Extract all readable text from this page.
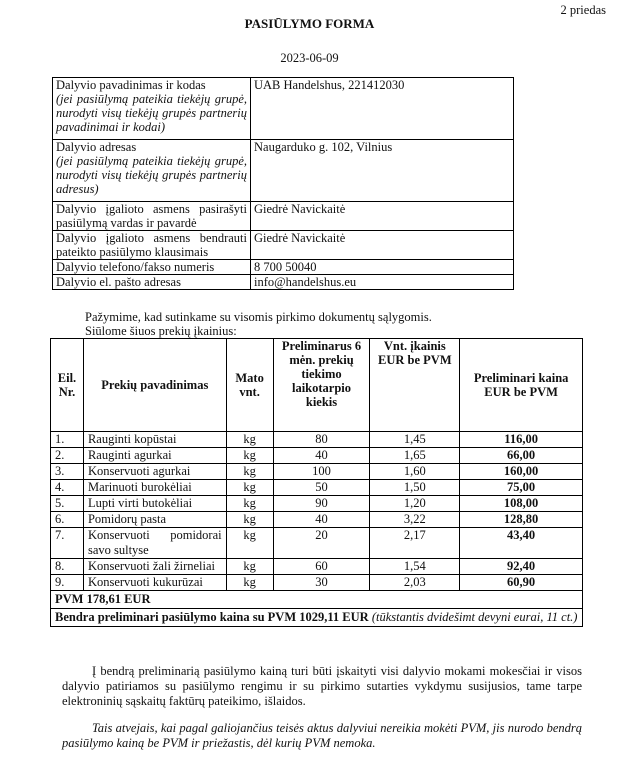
2 priedas
PASIŪLYMO FORMA
2023-06-09
Dalyvio pavadinimas ir kodas
(jei pasiūlymą pateikia tiekėjų grupė, nurodyti visų tiekėjų grupės partnerių pavadinimai ir kodai)	UAB Handelshus, 221412030

Dalyvio adresas
(jei pasiūlymą pateikia tiekėjų grupė, nurodyti visų tiekėjų grupės partnerių adresus)	Naugarduko g. 102, Vilnius
Dalyvio įgalioto asmens pasirašyti pasiūlymą vardas ir pavardė	Giedrė Navickaitė
Dalyvio įgalioto asmens bendrauti pateikto pasiūlymo klausimais	Giedrė Navickaitė
Dalyvio telefono/fakso numeris	8 700 50040
Dalyvio el. pašto adresas	info@handelshus.eu
Pažymime, kad sutinkame su visomis pirkimo dokumentų sąlygomis.
Siūlome šiuos prekių įkainius:
Eil. Nr.	Prekių pavadinimas	Mato vnt.	Preliminarus 6 mėn. prekių tiekimo laikotarpio kiekis	Vnt. įkainis EUR be PVM	Preliminari kaina EUR be PVM
1.	Rauginti kopūstai	kg	80	1,45	116,00
2.	Rauginti agurkai	kg	40	1,65	66,00
3.	Konservuoti agurkai	kg	100	1,60	160,00
4.	Marinuoti burokėliai	kg	50	1,50	75,00
5.	Lupti virti butokėliai	kg	90	1,20	108,00
6.	Pomidorų pasta	kg	40	3,22	128,80
7.	Konservuoti pomidorai savo sultyse	kg	20	2,17	43,40
8.	Konservuoti žali žirneliai	kg	60	1,54	92,40
9.	Konservuoti kukurūzai	kg	30	2,03	60,90
PVM 178,61 EUR					
Bendra preliminari pasiūlymo kaina su PVM 1029,11 EUR (tūkstantis dvidešimt devyni eurai, 11 ct.)					
Į bendrą preliminarią pasiūlymo kainą turi būti įskaityti visi dalyvio mokami mokesčiai ir visos dalyvio patiriamos su pasiūlymo rengimu ir su pirkimo sutarties vykdymu susijusios, tame tarpe elektroninių sąskaitų faktūrų pateikimo, išlaidos.
Tais atvejais, kai pagal galiojančius teisės aktus dalyviui nereikia mokėti PVM, jis nurodo bendrą pasiūlymo kainą be PVM ir priežastis, dėl kurių PVM nemoka.
